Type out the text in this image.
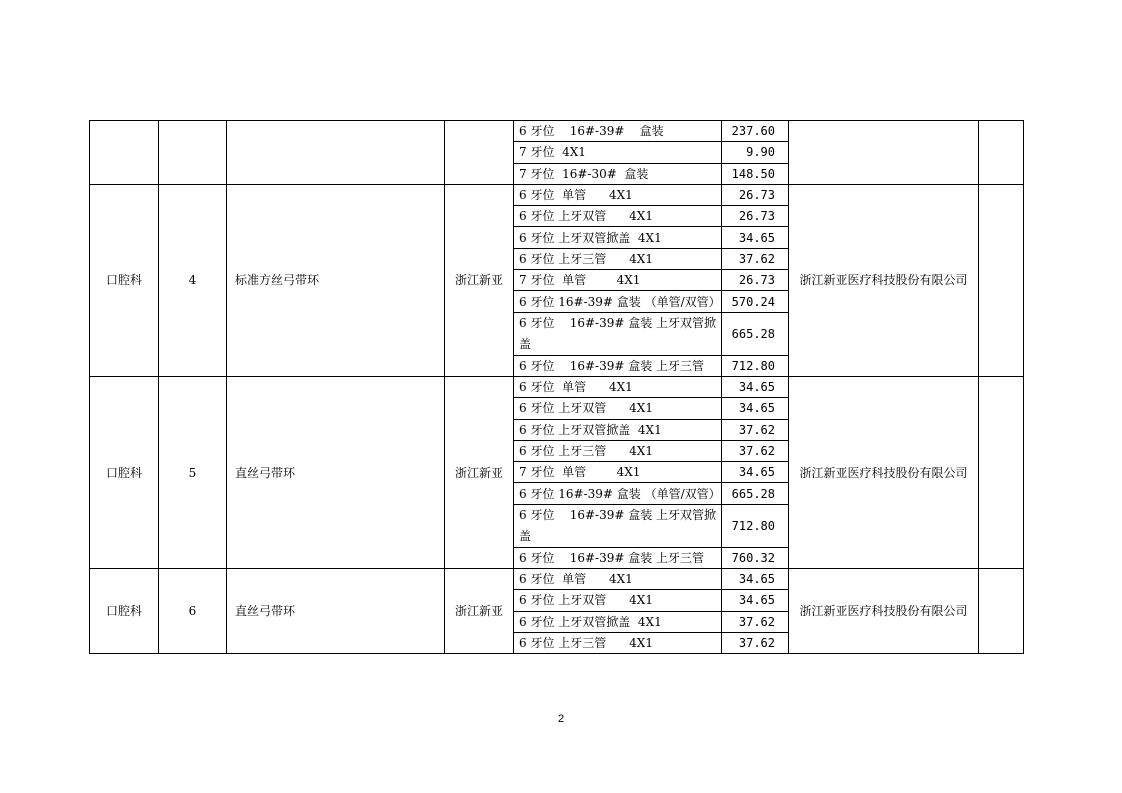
				6 牙位    16#-39#    盒装	237.60		
				7 牙位  4X1	9.90		
				7 牙位  16#-30#  盒装	148.50		
口腔科	4	标准方丝弓带环	浙江新亚	6 牙位  单管      4X1	26.73	浙江新亚医疗科技股份有限公司	
				6 牙位 上牙双管      4X1	26.73		
				6 牙位 上牙双管掀盖  4X1	34.65		
				6 牙位 上牙三管      4X1	37.62		
				7 牙位  单管        4X1	26.73		
				6 牙位 16#-39# 盒装 （单管/双管）	570.24		
				6 牙位    16#-39# 盒装 上牙双管掀盖	665.28		
				6 牙位    16#-39# 盒装 上牙三管	712.80		
口腔科	5	直丝弓带环	浙江新亚	6 牙位  单管      4X1	34.65	浙江新亚医疗科技股份有限公司	
				6 牙位 上牙双管      4X1	34.65		
				6 牙位 上牙双管掀盖  4X1	37.62		
				6 牙位 上牙三管      4X1	37.62		
				7 牙位  单管        4X1	34.65		
				6 牙位 16#-39# 盒装 （单管/双管）	665.28		
				6 牙位    16#-39# 盒装 上牙双管掀盖	712.80		
				6 牙位    16#-39# 盒装 上牙三管	760.32		
口腔科	6	直丝弓带环	浙江新亚	6 牙位  单管      4X1	34.65	浙江新亚医疗科技股份有限公司	
				6 牙位 上牙双管      4X1	34.65		
				6 牙位 上牙双管掀盖  4X1	37.62		
				6 牙位 上牙三管      4X1	37.62		
2
